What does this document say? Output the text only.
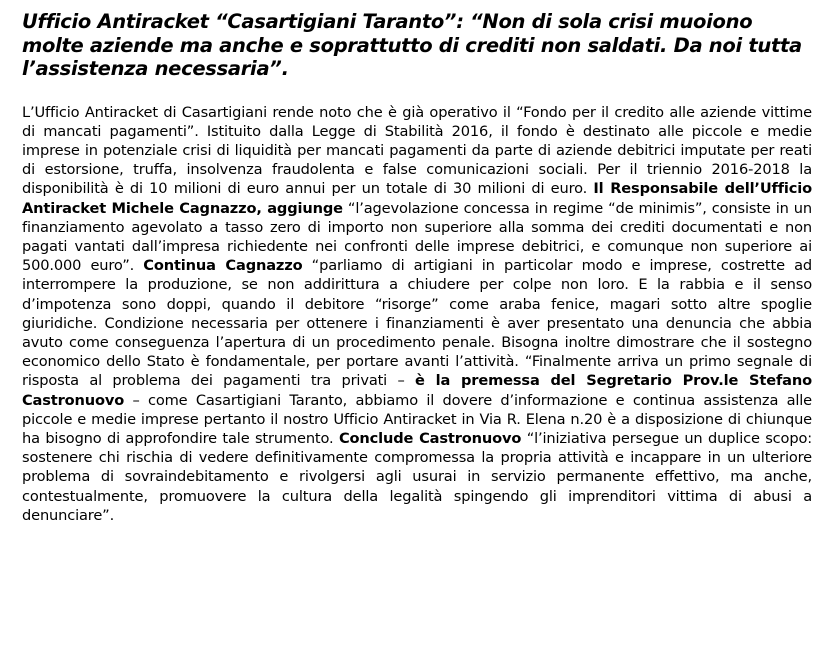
Ufficio Antiracket “Casartigiani Taranto”: “Non di sola crisi muoiono molte aziende ma anche e soprattutto di crediti non saldati. Da noi tutta l’assistenza necessaria”.

L’Ufficio Antiracket di Casartigiani rende noto che è già operativo il “Fondo per il credito alle aziende vittime di mancati pagamenti”. Istituito dalla Legge di Stabilità 2016, il fondo è destinato alle piccole e medie imprese in potenziale crisi di liquidità per mancati pagamenti da parte di aziende debitrici imputate per reati di estorsione, truffa, insolvenza fraudolenta e false comunicazioni sociali. Per il triennio 2016-2018 la disponibilità è di 10 milioni di euro annui per un totale di 30 milioni di euro. Il Responsabile dell’Ufficio Antiracket Michele Cagnazzo, aggiunge “l’agevolazione concessa in regime “de minimis”, consiste in un finanziamento agevolato a tasso zero di importo non superiore alla somma dei crediti documentati e non pagati vantati dall’impresa richiedente nei confronti delle imprese debitrici, e comunque non superiore ai 500.000 euro”. Continua Cagnazzo “parliamo di artigiani in particolar modo e imprese, costrette ad interrompere la produzione, se non addirittura a chiudere per colpe non loro. E la rabbia e il senso d’impotenza sono doppi, quando il debitore “risorge” come araba fenice, magari sotto altre spoglie giuridiche. Condizione necessaria per ottenere i finanziamenti è aver presentato una denuncia che abbia avuto come conseguenza l’apertura di un procedimento penale. Bisogna inoltre dimostrare che il sostegno economico dello Stato è fondamentale, per portare avanti l’attività. “Finalmente arriva un primo segnale di risposta al problema dei pagamenti tra privati – è la premessa del Segretario Prov.le Stefano Castronuovo – come Casartigiani Taranto, abbiamo il dovere d’informazione e continua assistenza alle piccole e medie imprese pertanto il nostro Ufficio Antiracket in Via R. Elena n.20 è a disposizione di chiunque ha bisogno di approfondire tale strumento. Conclude Castronuovo “l’iniziativa persegue un duplice scopo: sostenere chi rischia di vedere definitivamente compromessa la propria attività e incappare in un ulteriore problema di sovraindebitamento e rivolgersi agli usurai in servizio permanente effettivo, ma anche, contestualmente, promuovere la cultura della legalità spingendo gli imprenditori vittima di abusi a denunciare”.
